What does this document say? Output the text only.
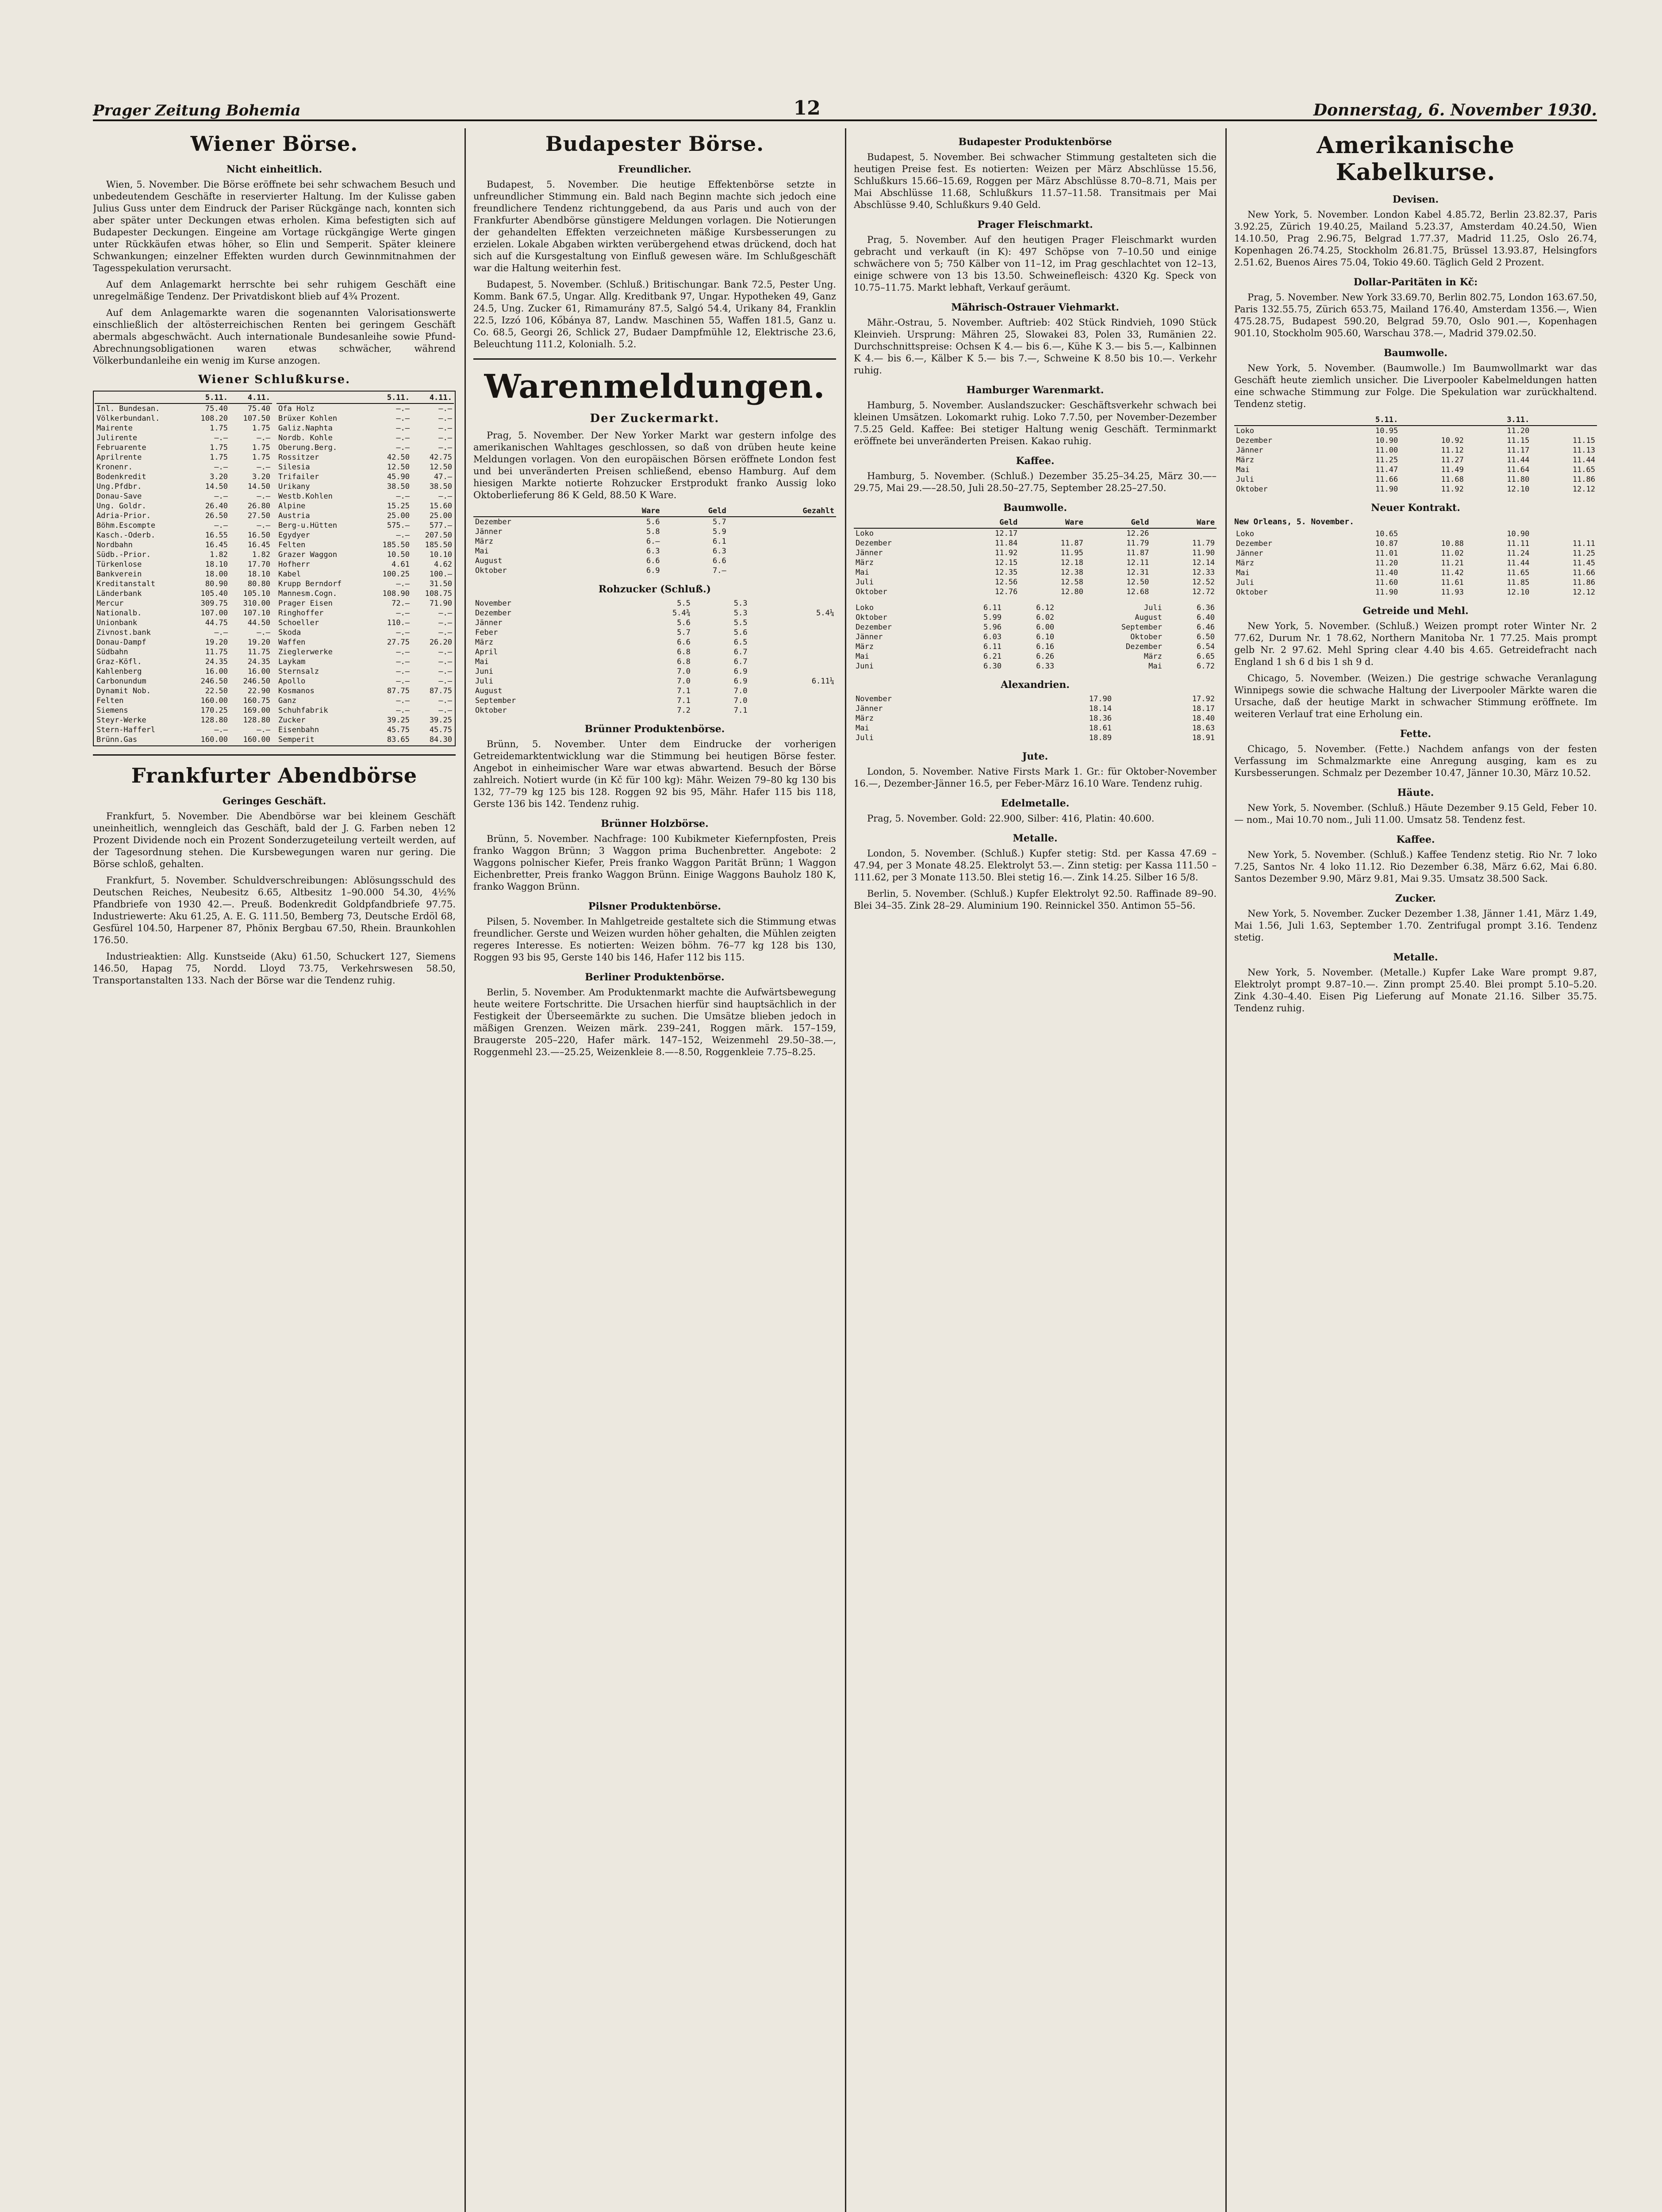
Prager Zeitung Bohemia	12	Donnerstag, 6. November 1930.
Wiener Börse.
Nicht einheitlich.

Wien, 5. November. Die Börse eröffnete bei sehr schwachem Besuch und unbedeutendem Geschäfte in reservierter Haltung. Im der Kulisse gaben Julius Guss unter dem Eindruck der Pariser Rückgänge nach, konnten sich aber später unter Deckungen etwas erholen. Kima befestigten sich auf Budapester Deckungen. Eingeine am Vortage rückgängige Werte gingen unter Rückkäufen etwas höher, so Elin und Semperit. Später kleinere Schwankungen; einzelner Effekten wurden durch Gewinnmitnahmen der Tagesspekulation verursacht.

Auf dem Anlagemarkt herrschte bei sehr ruhigem Geschäft eine unregelmäßige Tendenz. Der Privatdiskont blieb auf 4¾ Prozent.

Auf dem Anlagemarkte waren die sogenannten Valorisationswerte einschließlich der altösterreichischen Renten bei geringem Geschäft abermals abgeschwächt. Auch internationale Bundesanleihe sowie Pfund-Abrechnungsobligationen waren etwas schwächer, während Völkerbundanleihe ein wenig im Kurse anzogen.

Wiener Schlußkurse.
	5.11.	4.11.
Inl. Bundesan.	75.40	75.40
Völkerbundanl.	108.20	107.50
Mairente	1.75	1.75
Julirente	—.—	—.—
Februarente	1.75	1.75
Aprilrente	1.75	1.75
Kronenr.	—.—	—.—
Bodenkredit	3.20	3.20
Ung.Pfdbr.	14.50	14.50
Donau-Save	—.—	—.—
Ung. Goldr.	26.40	26.80
Adria-Prior.	26.50	27.50
Böhm.Escompte	—.—	—.—
Kasch.-Oderb.	16.55	16.50
Nordbahn	16.45	16.45
Südb.-Prior.	1.82	1.82
Türkenlose	18.10	17.70
Bankverein	18.00	18.10
Kreditanstalt	80.90	80.80
Länderbank	105.40	105.10
Mercur	309.75	310.00
Nationalb.	107.00	107.10
Unionbank	44.75	44.50
Zivnost.bank	—.—	—.—
Donau-Dampf	19.20	19.20
Südbahn	11.75	11.75
Graz-Köfl.	24.35	24.35
Kahlenberg	16.00	16.00
Carbonundum	246.50	246.50
Dynamit Nob.	22.50	22.90
Felten	160.00	160.75
Siemens	170.25	169.00
Steyr-Werke	128.80	128.80
Stern-Hafferl	—.—	—.—
Brünn.Gas	160.00	160.00
	5.11.	4.11.
Ofa Holz	—.—	—.—
Brüxer Kohlen	—.—	—.—
Galiz.Naphta	—.—	—.—
Nordb. Kohle	—.—	—.—
Oberung.Berg.	—.—	—.—
Rossitzer	42.50	42.75
Silesia	12.50	12.50
Trifailer	45.90	47.—
Urikany	38.50	38.50
Westb.Kohlen	—.—	—.—
Alpine	15.25	15.60
Austria	25.00	25.00
Berg-u.Hütten	575.—	577.—
Egydyer	—.—	207.50
Felten	185.50	185.50
Grazer Waggon	10.50	10.10
Hofherr	4.61	4.62
Kabel	100.25	100.—
Krupp Berndorf	—.—	31.50
Mannesm.Cogn.	108.90	108.75
Prager Eisen	72.—	71.90
Ringhoffer	—.—	—.—
Schoeller	110.—	—.—
Skoda	—.—	—.—
Waffen	27.75	26.20
Zieglerwerke	—.—	—.—
Laykam	—.—	—.—
Sternsalz	—.—	—.—
Apollo	—.—	—.—
Kosmanos	87.75	87.75
Ganz	—.—	—.—
Schuhfabrik	—.—	—.—
Zucker	39.25	39.25
Eisenbahn	45.75	45.75
Semperit	83.65	84.30
Frankfurter Abendbörse
Geringes Geschäft.

Frankfurt, 5. November. Die Abendbörse war bei kleinem Geschäft uneinheitlich, wenngleich das Geschäft, bald der J. G. Farben neben 12 Prozent Dividende noch ein Prozent Sonderzugeteilung verteilt werden, auf der Tagesordnung stehen. Die Kursbewegungen waren nur gering. Die Börse schloß, gehalten.

Frankfurt, 5. November. Schuldverschreibungen: Ablösungsschuld des Deutschen Reiches, Neubesitz 6.65, Altbesitz 1–90.000 54.30, 4½% Pfandbriefe von 1930 42.—. Preuß. Bodenkredit Goldpfandbriefe 97.75. Industriewerte: Aku 61.25, A. E. G. 111.50, Bemberg 73, Deutsche Erdöl 68, Gesfürel 104.50, Harpener 87, Phönix Bergbau 67.50, Rhein. Braunkohlen 176.50.

Industrieaktien: Allg. Kunstseide (Aku) 61.50, Schuckert 127, Siemens 146.50, Hapag 75, Nordd. Lloyd 73.75, Verkehrswesen 58.50, Transportanstalten 133. Nach der Börse war die Tendenz ruhig.

Budapester Börse.
Freundlicher.

Budapest, 5. November. Die heutige Effektenbörse setzte in unfreundlicher Stimmung ein. Bald nach Beginn machte sich jedoch eine freundlichere Tendenz richtunggebend, da aus Paris und auch von der Frankfurter Abendbörse günstigere Meldungen vorlagen. Die Notierungen der gehandelten Effekten verzeichneten mäßige Kursbesserungen zu erzielen. Lokale Abgaben wirkten verübergehend etwas drückend, doch hat sich auf die Kursgestaltung von Einfluß gewesen wäre. Im Schlußgeschäft war die Haltung weiterhin fest.

Budapest, 5. November. (Schluß.) Britischungar. Bank 72.5, Pester Ung. Komm. Bank 67.5, Ungar. Allg. Kreditbank 97, Ungar. Hypotheken 49, Ganz 24.5, Ung. Zucker 61, Rimamurány 87.5, Salgó 54.4, Urikany 84, Franklin 22.5, Izzó 106, Kőbánya 87, Landw. Maschinen 55, Waffen 181.5, Ganz u. Co. 68.5, Georgi 26, Schlick 27, Budaer Dampfmühle 12, Elektrische 23.6, Beleuchtung 111.2, Kolonialh. 5.2.

Warenmeldungen.
Der Zuckermarkt.

Prag, 5. November. Der New Yorker Markt war gestern infolge des amerikanischen Wahltages geschlossen, so daß von drüben heute keine Meldungen vorlagen. Von den europäischen Börsen eröffnete London fest und bei unveränderten Preisen schließend, ebenso Hamburg. Auf dem hiesigen Markte notierte Rohzucker Erstprodukt franko Aussig loko Oktoberlieferung 86 K Geld, 88.50 K Ware.

	Ware	Geld	Gezahlt
Dezember	5.6	5.7	
Jänner	5.8	5.9	
März	6.—	6.1	
Mai	6.3	6.3	
August	6.6	6.6	
Oktober	6.9	7.—	
Rohzucker (Schluß.)
November	5.5	5.3	
Dezember	5.4¾	5.3	5.4¼
Jänner	5.6	5.5	
Feber	5.7	5.6	
März	6.6	6.5	
April	6.8	6.7	
Mai	6.8	6.7	
Juni	7.0	6.9	
Juli	7.0	6.9	6.11¼
August	7.1	7.0	
September	7.1	7.0	
Oktober	7.2	7.1	
Brünner Produktenbörse.

Brünn, 5. November. Unter dem Eindrucke der vorherigen Getreidemarktentwicklung war die Stimmung bei heutigen Börse fester. Angebot in einheimischer Ware war etwas abwartend. Besuch der Börse zahlreich. Notiert wurde (in Kč für 100 kg): Mähr. Weizen 79–80 kg 130 bis 132, 77–79 kg 125 bis 128. Roggen 92 bis 95, Mähr. Hafer 115 bis 118, Gerste 136 bis 142. Tendenz ruhig.

Brünner Holzbörse.

Brünn, 5. November. Nachfrage: 100 Kubikmeter Kiefernpfosten, Preis franko Waggon Brünn; 3 Waggon prima Buchenbretter. Angebote: 2 Waggons polnischer Kiefer, Preis franko Waggon Parität Brünn; 1 Waggon Eichenbretter, Preis franko Waggon Brünn. Einige Waggons Bauholz 180 K, franko Waggon Brünn.

Pilsner Produktenbörse.

Pilsen, 5. November. In Mahlgetreide gestaltete sich die Stimmung etwas freundlicher. Gerste und Weizen wurden höher gehalten, die Mühlen zeigten regeres Interesse. Es notierten: Weizen böhm. 76–77 kg 128 bis 130, Roggen 93 bis 95, Gerste 140 bis 146, Hafer 112 bis 115.

Berliner Produktenbörse.

Berlin, 5. November. Am Produktenmarkt machte die Aufwärtsbewegung heute weitere Fortschritte. Die Ursachen hierfür sind hauptsächlich in der Festigkeit der Überseemärkte zu suchen. Die Umsätze blieben jedoch in mäßigen Grenzen. Weizen märk. 239–241, Roggen märk. 157–159, Braugerste 205–220, Hafer märk. 147–152, Weizenmehl 29.50–38.—, Roggenmehl 23.—–25.25, Weizenkleie 8.—–8.50, Roggenkleie 7.75–8.25.

Budapester Produktenbörse

Budapest, 5. November. Bei schwacher Stimmung gestalteten sich die heutigen Preise fest. Es notierten: Weizen per März Abschlüsse 15.56, Schlußkurs 15.66–15.69, Roggen per März Abschlüsse 8.70–8.71, Mais per Mai Abschlüsse 11.68, Schlußkurs 11.57–11.58. Transitmais per Mai Abschlüsse 9.40, Schlußkurs 9.40 Geld.

Prager Fleischmarkt.

Prag, 5. November. Auf den heutigen Prager Fleischmarkt wurden gebracht und verkauft (in K): 497 Schöpse von 7–10.50 und einige schwächere von 5; 750 Kälber von 11–12, im Prag geschlachtet von 12–13, einige schwere von 13 bis 13.50. Schweinefleisch: 4320 Kg. Speck von 10.75–11.75. Markt lebhaft, Verkauf geräumt.

Mährisch-Ostrauer Viehmarkt.

Mähr.-Ostrau, 5. November. Auftrieb: 402 Stück Rindvieh, 1090 Stück Kleinvieh. Ursprung: Mähren 25, Slowakei 83, Polen 33, Rumänien 22. Durchschnittspreise: Ochsen K 4.— bis 6.—, Kühe K 3.— bis 5.—, Kalbinnen K 4.— bis 6.—, Kälber K 5.— bis 7.—, Schweine K 8.50 bis 10.—. Verkehr ruhig.

Hamburger Warenmarkt.

Hamburg, 5. November. Auslandszucker: Geschäftsverkehr schwach bei kleinen Umsätzen. Lokomarkt ruhig. Loko 7.7.50, per November-Dezember 7.5.25 Geld. Kaffee: Bei stetiger Haltung wenig Geschäft. Terminmarkt eröffnete bei unveränderten Preisen. Kakao ruhig.

Kaffee.

Hamburg, 5. November. (Schluß.) Dezember 35.25–34.25, März 30.—–29.75, Mai 29.—–28.50, Juli 28.50–27.75, September 28.25–27.50.

Baumwolle.
	Geld	Ware	Geld	Ware
Loko	12.17		12.26	
Dezember	11.84	11.87	11.79	11.79
Jänner	11.92	11.95	11.87	11.90
März	12.15	12.18	12.11	12.14
Mai	12.35	12.38	12.31	12.33
Juli	12.56	12.58	12.50	12.52
Oktober	12.76	12.80	12.68	12.72
Loko	6.11	6.12	Juli	6.36
Oktober	5.99	6.02	August	6.40
Dezember	5.96	6.00	September	6.46
Jänner	6.03	6.10	Oktober	6.50
März	6.11	6.16	Dezember	6.54
Mai	6.21	6.26	März	6.65
Juni	6.30	6.33	Mai	6.72
Alexandrien.
November	17.90	17.92
Jänner	18.14	18.17
März	18.36	18.40
Mai	18.61	18.63
Juli	18.89	18.91
Jute.

London, 5. November. Native Firsts Mark 1. Gr.: für Oktober-November 16.—, Dezember-Jänner 16.5, per Feber-März 16.10 Ware. Tendenz ruhig.

Edelmetalle.

Prag, 5. November. Gold: 22.900, Silber: 416, Platin: 40.600.

Metalle.

London, 5. November. (Schluß.) Kupfer stetig: Std. per Kassa 47.69 – 47.94, per 3 Monate 48.25. Elektrolyt 53.—. Zinn stetig: per Kassa 111.50 – 111.62, per 3 Monate 113.50. Blei stetig 16.—. Zink 14.25. Silber 16 5/8.

Berlin, 5. November. (Schluß.) Kupfer Elektrolyt 92.50. Raffinade 89–90. Blei 34–35. Zink 28–29. Aluminium 190. Reinnickel 350. Antimon 55–56.

Amerikanische Kabelkurse.
Devisen.

New York, 5. November. London Kabel 4.85.72, Berlin 23.82.37, Paris 3.92.25, Zürich 19.40.25, Mailand 5.23.37, Amsterdam 40.24.50, Wien 14.10.50, Prag 2.96.75, Belgrad 1.77.37, Madrid 11.25, Oslo 26.74, Kopenhagen 26.74.25, Stockholm 26.81.75, Brüssel 13.93.87, Helsingfors 2.51.62, Buenos Aires 75.04, Tokio 49.60. Täglich Geld 2 Prozent.

Dollar-Paritäten in Kč:

Prag, 5. November. New York 33.69.70, Berlin 802.75, London 163.67.50, Paris 132.55.75, Zürich 653.75, Mailand 176.40, Amsterdam 1356.—, Wien 475.28.75, Budapest 590.20, Belgrad 59.70, Oslo 901.—, Kopenhagen 901.10, Stockholm 905.60, Warschau 378.—, Madrid 379.02.50.

Baumwolle.

New York, 5. November. (Baumwolle.) Im Baumwollmarkt war das Geschäft heute ziemlich unsicher. Die Liverpooler Kabelmeldungen hatten eine schwache Stimmung zur Folge. Die Spekulation war zurückhaltend. Tendenz stetig.

	5.11.		3.11.	
Loko	10.95		11.20	
Dezember	10.90	10.92	11.15	11.15
Jänner	11.00	11.12	11.17	11.13
März	11.25	11.27	11.44	11.44
Mai	11.47	11.49	11.64	11.65
Juli	11.66	11.68	11.80	11.86
Oktober	11.90	11.92	12.10	12.12
Neuer Kontrakt.
New Orleans, 5. November.
Loko	10.65		10.90	
Dezember	10.87	10.88	11.11	11.11
Jänner	11.01	11.02	11.24	11.25
März	11.20	11.21	11.44	11.45
Mai	11.40	11.42	11.65	11.66
Juli	11.60	11.61	11.85	11.86
Oktober	11.90	11.93	12.10	12.12
Getreide und Mehl.

New York, 5. November. (Schluß.) Weizen prompt roter Winter Nr. 2 77.62, Durum Nr. 1 78.62, Northern Manitoba Nr. 1 77.25. Mais prompt gelb Nr. 2 97.62. Mehl Spring clear 4.40 bis 4.65. Getreidefracht nach England 1 sh 6 d bis 1 sh 9 d.

Chicago, 5. November. (Weizen.) Die gestrige schwache Veranlagung Winnipegs sowie die schwache Haltung der Liverpooler Märkte waren die Ursache, daß der heutige Markt in schwacher Stimmung eröffnete. Im weiteren Verlauf trat eine Erholung ein.

Fette.

Chicago, 5. November. (Fette.) Nachdem anfangs von der festen Verfassung im Schmalzmarkte eine Anregung ausging, kam es zu Kursbesserungen. Schmalz per Dezember 10.47, Jänner 10.30, März 10.52.

Häute.

New York, 5. November. (Schluß.) Häute Dezember 9.15 Geld, Feber 10.— nom., Mai 10.70 nom., Juli 11.00. Umsatz 58. Tendenz fest.

Kaffee.

New York, 5. November. (Schluß.) Kaffee Tendenz stetig. Rio Nr. 7 loko 7.25, Santos Nr. 4 loko 11.12. Rio Dezember 6.38, März 6.62, Mai 6.80. Santos Dezember 9.90, März 9.81, Mai 9.35. Umsatz 38.500 Sack.

Zucker.

New York, 5. November. Zucker Dezember 1.38, Jänner 1.41, März 1.49, Mai 1.56, Juli 1.63, September 1.70. Zentrifugal prompt 3.16. Tendenz stetig.

Metalle.

New York, 5. November. (Metalle.) Kupfer Lake Ware prompt 9.87, Elektrolyt prompt 9.87–10.—. Zinn prompt 25.40. Blei prompt 5.10–5.20. Zink 4.30–4.40. Eisen Pig Lieferung auf Monate 21.16. Silber 35.75. Tendenz ruhig.
